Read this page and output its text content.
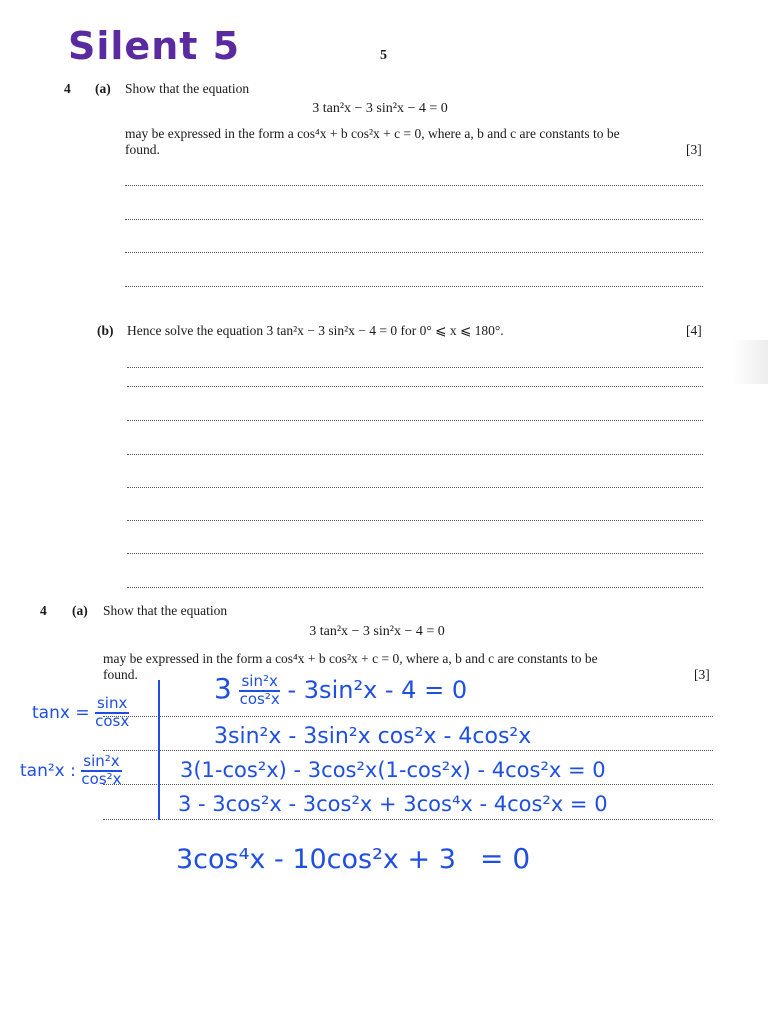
Silent 5	5
4 (a) Show that the equation
3 tan²x − 3 sin²x − 4 = 0
may be expressed in the form a cos⁴x + b cos²x + c = 0, where a, b and c are constants to be
found.	[3]
(b) Hence solve the equation 3 tan²x − 3 sin²x − 4 = 0 for 0° ⩽ x ⩽ 180°.	[4]
4 (a) Show that the equation
3 tan²x − 3 sin²x − 4 = 0
may be expressed in the form a cos⁴x + b cos²x + c = 0, where a, b and c are constants to be
found.	[3]
$\tan x = \frac{\sin x}{\cos x}$
tan²x : $\frac{\text{sin²x}}{\text{cos²x}}$
$3 \frac{\text{sin²x}}{\text{cos²x}} - 3\sin^2x - 4 = 0$
3sin²x - 3sin²x cos²x - 4cos²x
3(1-cos²x) - 3cos²x(1-cos²x) - 4cos²x = 0
3 - 3cos²x - 3cos²x + 3cos⁴x - 4cos²x = 0
3cos⁴x - 10cos²x + 3 = 0
